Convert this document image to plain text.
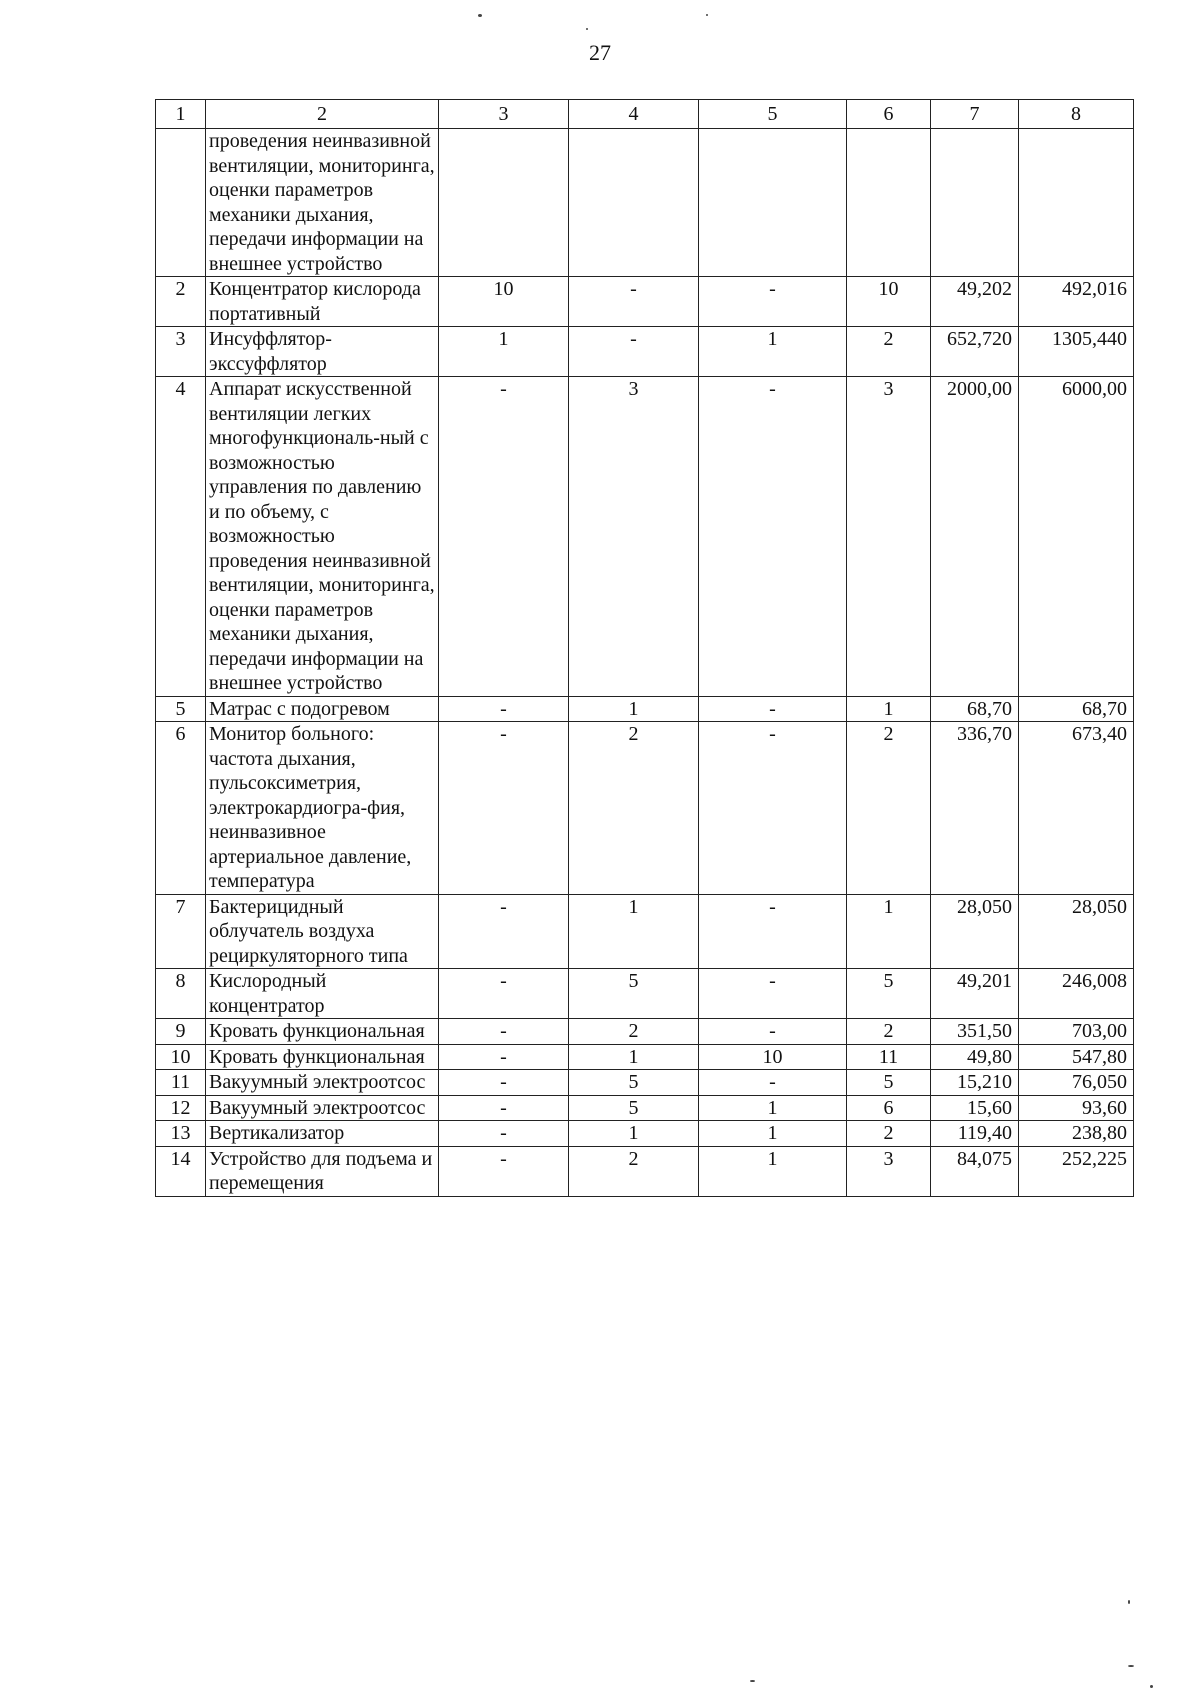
27
1	2	3	4	5	6	7	8
	проведения неинвазивной вентиляции, мониторинга, оценки параметров механики дыхания, передачи информации на внешнее устройство						
2	Концентратор кислорода портативный	10	-	-	10	49,202	492,016
3	Инсуффлятор-экссуффлятор	1	-	1	2	652,720	1305,440
4	Аппарат искусственной вентиляции легких многофункциональ-ный с возможностью управления по давлению и по объему, с возможностью проведения неинвазивной вентиляции, мониторинга, оценки параметров механики дыхания, передачи информации на внешнее устройство	-	3	-	3	2000,00	6000,00
5	Матрас с подогревом	-	1	-	1	68,70	68,70
6	Монитор больного: частота дыхания, пульсоксиметрия, электрокардиогра-фия, неинвазивное артериальное давление, температура	-	2	-	2	336,70	673,40
7	Бактерицидный облучатель воздуха рециркуляторного типа	-	1	-	1	28,050	28,050
8	Кислородный концентратор	-	5	-	5	49,201	246,008
9	Кровать функциональная	-	2	-	2	351,50	703,00
10	Кровать функциональная	-	1	10	11	49,80	547,80
11	Вакуумный электроотсос	-	5	-	5	15,210	76,050
12	Вакуумный электроотсос	-	5	1	6	15,60	93,60
13	Вертикализатор	-	1	1	2	119,40	238,80
14	Устройство для подъема и перемещения	-	2	1	3	84,075	252,225
